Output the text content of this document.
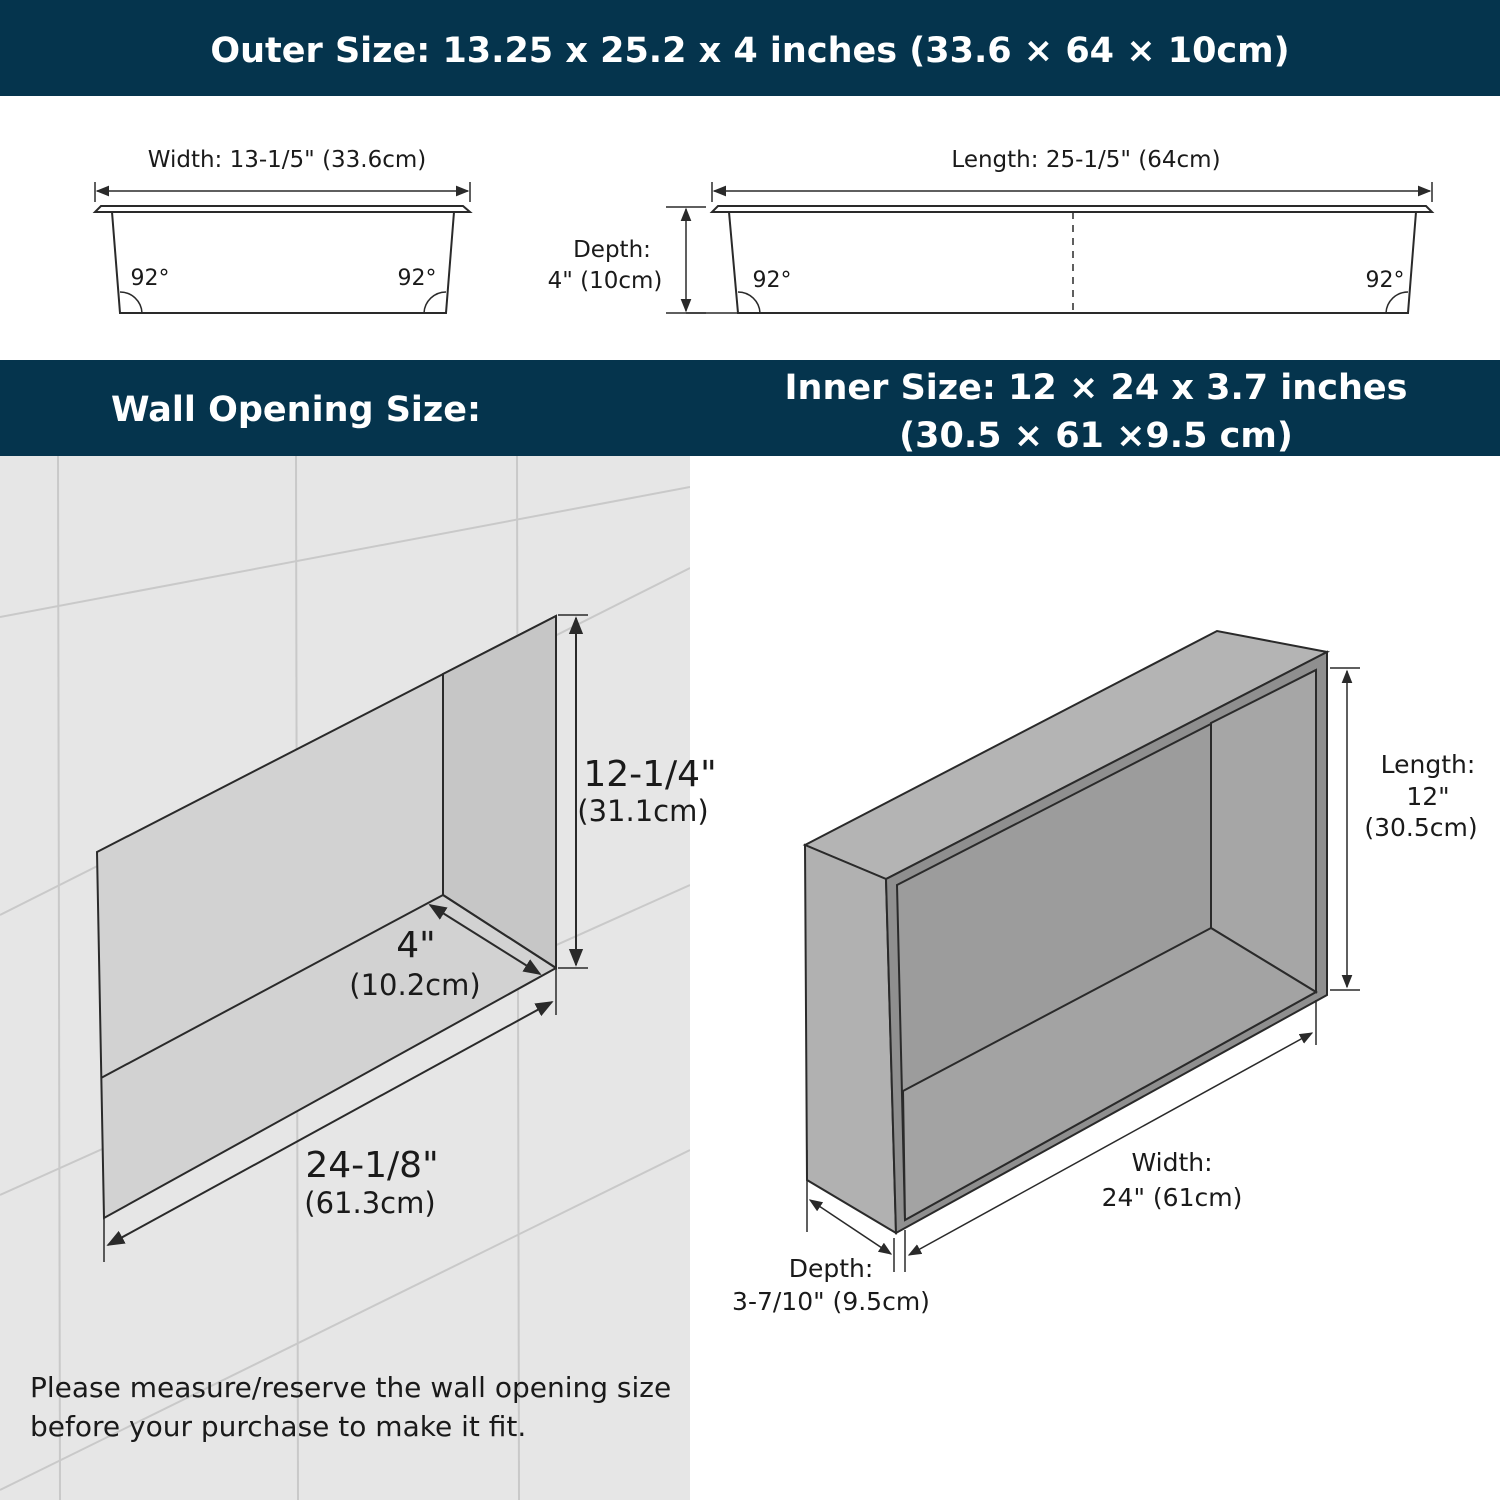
Outer Size: 13.25 x 25.2 x 4 inches (33.6 × 64 × 10cm)
Width: 13-1/5" (33.6cm)
92°	92°
Depth:
4" (10cm)
Length: 25-1/5" (64cm)
92°	92°
Wall Opening Size:
Inner Size: 12 × 24 x 3.7 inches
(30.5 × 61 ×9.5 cm)
12-1/4"
(31.1cm)
4"
(10.2cm)
24-1/8"
(61.3cm)
Please measure/reserve the wall opening size
before your purchase to make it fit.
Length:
12"
(30.5cm)
Width:
24" (61cm)
Depth:
3-7/10" (9.5cm)
